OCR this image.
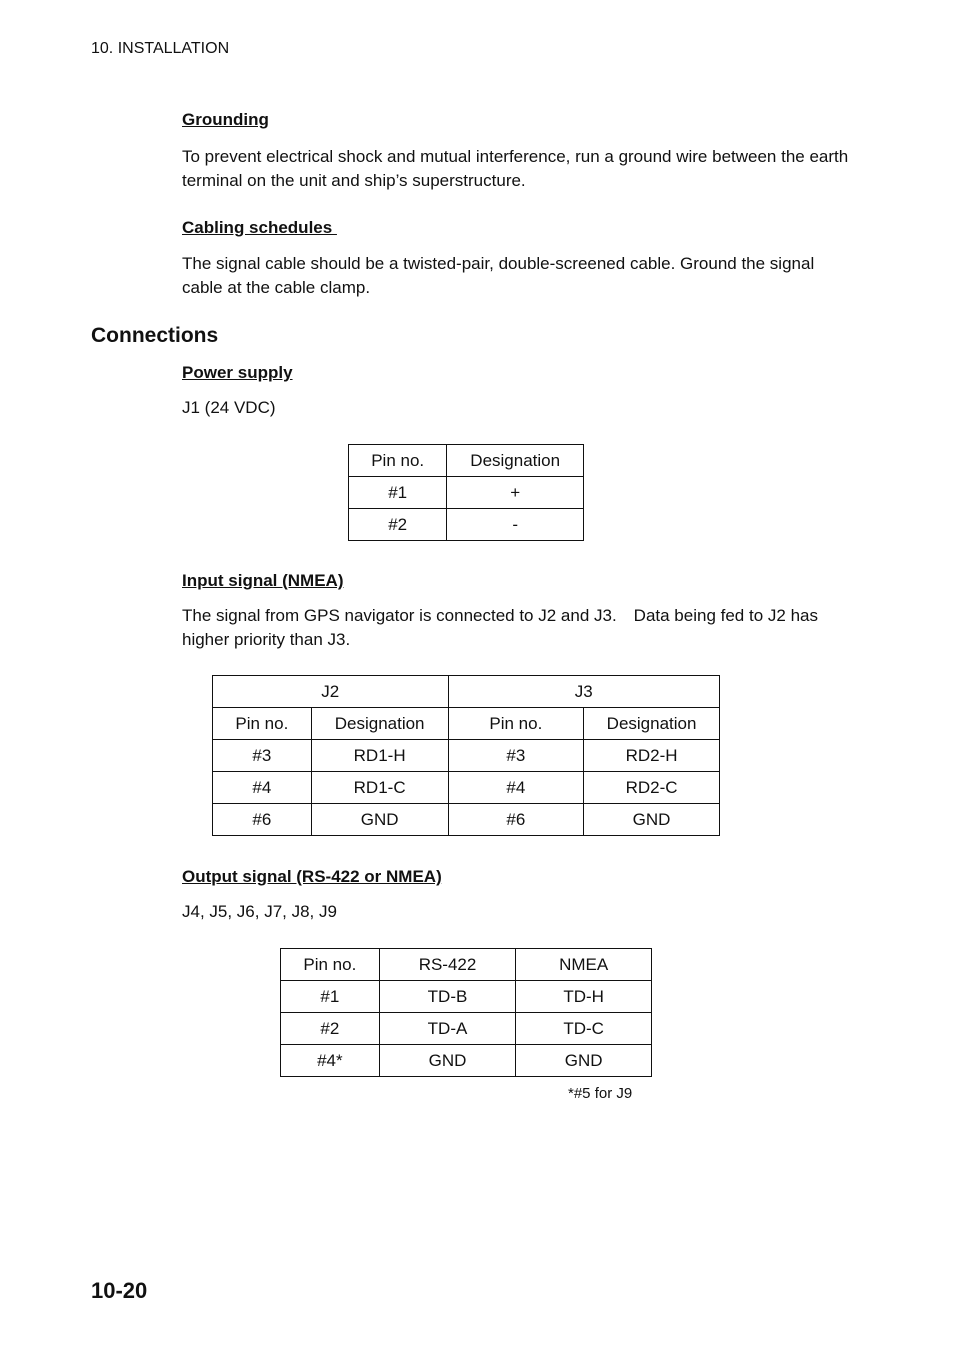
10. INSTALLATION
Grounding
To prevent electrical shock and mutual interference, run a ground wire between the earth terminal on the unit and ship’s superstructure.
Cabling schedules
The signal cable should be a twisted-pair, double-screened cable. Ground the signal cable at the cable clamp.
Connections
Power supply
J1 (24 VDC)
Pin no.	Designation
#1	+
#2	-
Input signal (NMEA)
The signal from GPS navigator is connected to J2 and J3.　Data being fed to J2 has higher priority than J3.
J2		J3	
Pin no.	Designation	Pin no.	Designation
#3	RD1-H	#3	RD2-H
#4	RD1-C	#4	RD2-C
#6	GND	#6	GND
Output signal (RS-422 or NMEA)
J4, J5, J6, J7, J8, J9
Pin no.	RS-422	NMEA
#1	TD-B	TD-H
#2	TD-A	TD-C
#4*	GND	GND
*#5 for J9
10-20
